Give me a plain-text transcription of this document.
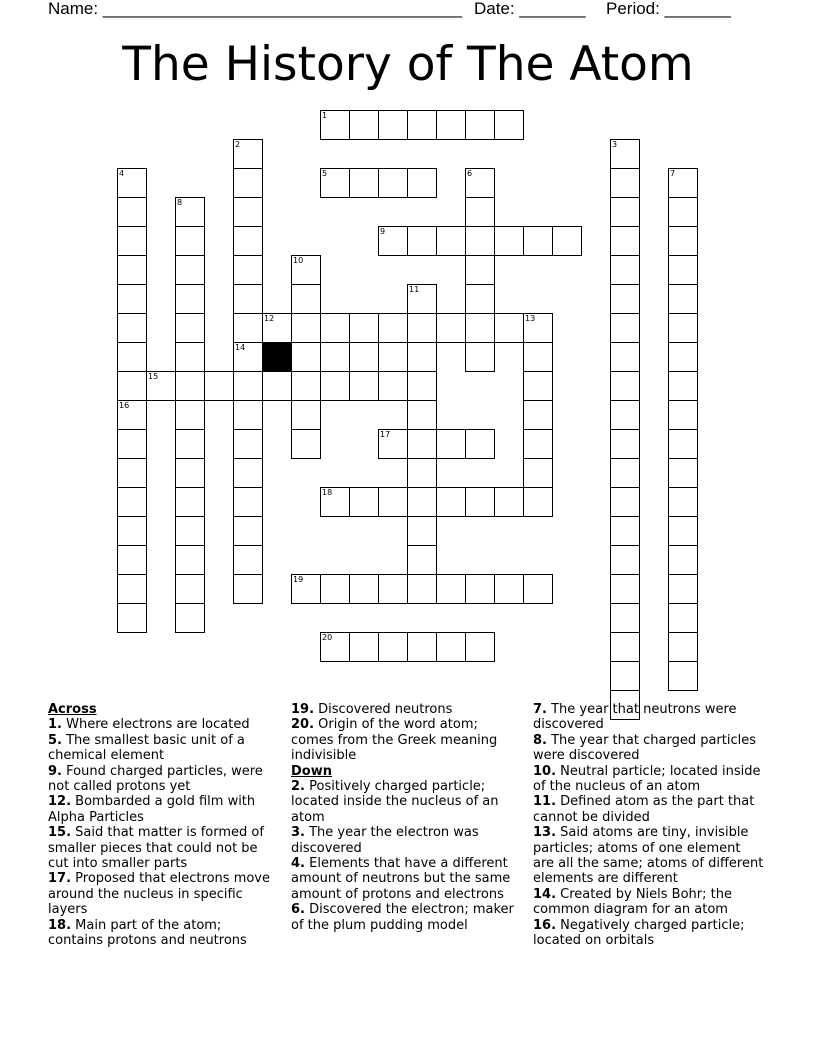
Name: ______________________________________ Date: _______ Period: _______
The History of The Atom
1
2
14
3
4	5	6	7
8
9
10
11
12	13
15
16
17
18
19
20
Across
1. Where electrons are located
5. The smallest basic unit of a chemical element
9. Found charged particles, were not called protons yet
12. Bombarded a gold film with Alpha Particles
15. Said that matter is formed of smaller pieces that could not be cut into smaller parts
17. Proposed that electrons move around the nucleus in specific layers
18. Main part of the atom; contains protons and neutrons
19. Discovered neutrons
20. Origin of the word atom; comes from the Greek meaning indivisible
Down
2. Positively charged particle; located inside the nucleus of an atom
3. The year the electron was discovered
4. Elements that have a different amount of neutrons but the same amount of protons and electrons
6. Discovered the electron; maker of the plum pudding model
7. The year that neutrons were discovered
8. The year that charged particles were discovered
10. Neutral particle; located inside of the nucleus of an atom
11. Defined atom as the part that cannot be divided
13. Said atoms are tiny, invisible particles; atoms of one element are all the same; atoms of different elements are different
14. Created by Niels Bohr; the common diagram for an atom
16. Negatively charged particle; located on orbitals
